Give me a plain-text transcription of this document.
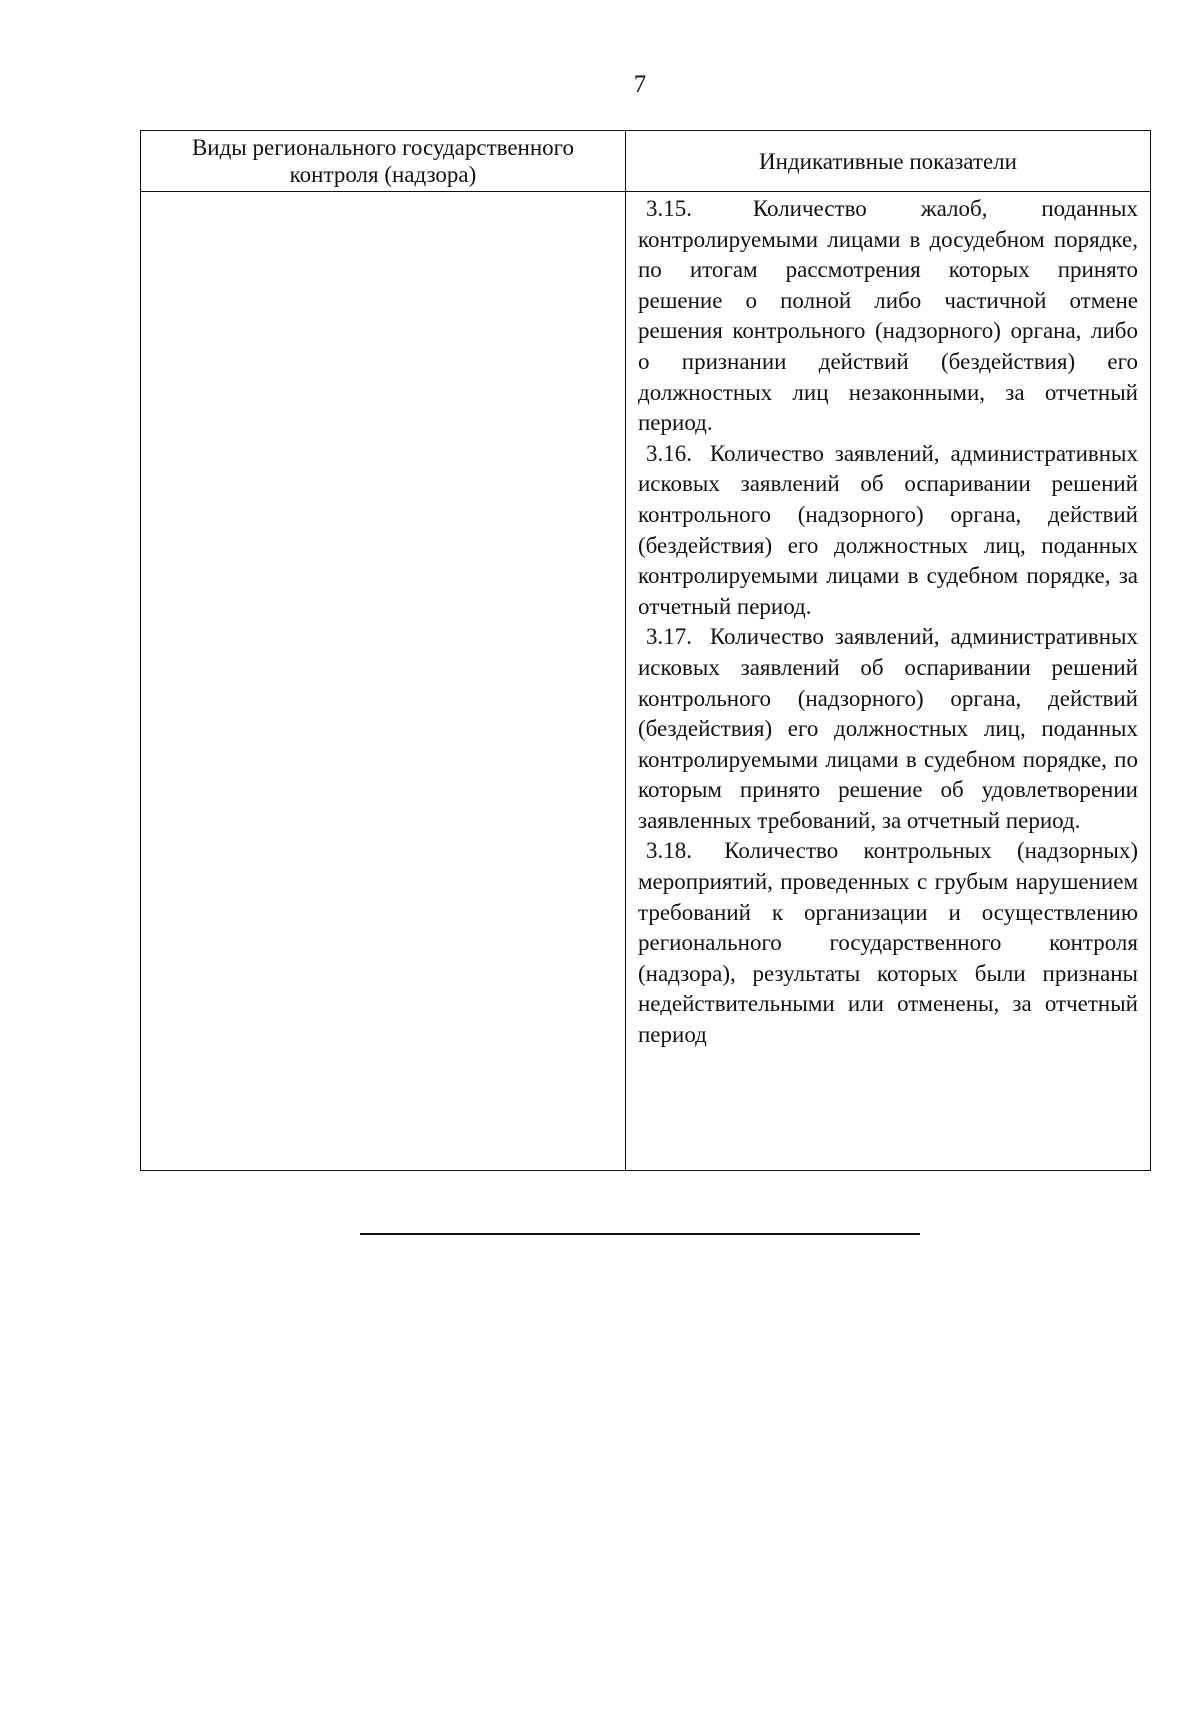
7
Виды регионального государственного контроля (надзора)	Индикативные показатели

	3.15. Количество жалоб, поданных контролируемыми лицами в досудебном порядке, по итогам рассмотрения которых принято решение о полной либо частичной отмене решения контрольного (надзорного) органа, либо о признании действий (бездействия) его должностных лиц незаконными, за отчетный период.

3.16. Количество заявлений, административных исковых заявлений об оспаривании решений контрольного (надзорного) органа, действий (бездействия) его должностных лиц, поданных контролируемыми лицами в судебном порядке, за отчетный период.

3.17. Количество заявлений, административных исковых заявлений об оспаривании решений контрольного (надзорного) органа, действий (бездействия) его должностных лиц, поданных контролируемыми лицами в судебном порядке, по которым принято решение об удовлетворении заявленных требований, за отчетный период.

3.18. Количество контрольных (надзорных) мероприятий, проведенных с грубым нарушением требований к организации и осуществлению регионального государственного контроля (надзора), результаты которых были признаны недействительными или отменены, за отчетный период
